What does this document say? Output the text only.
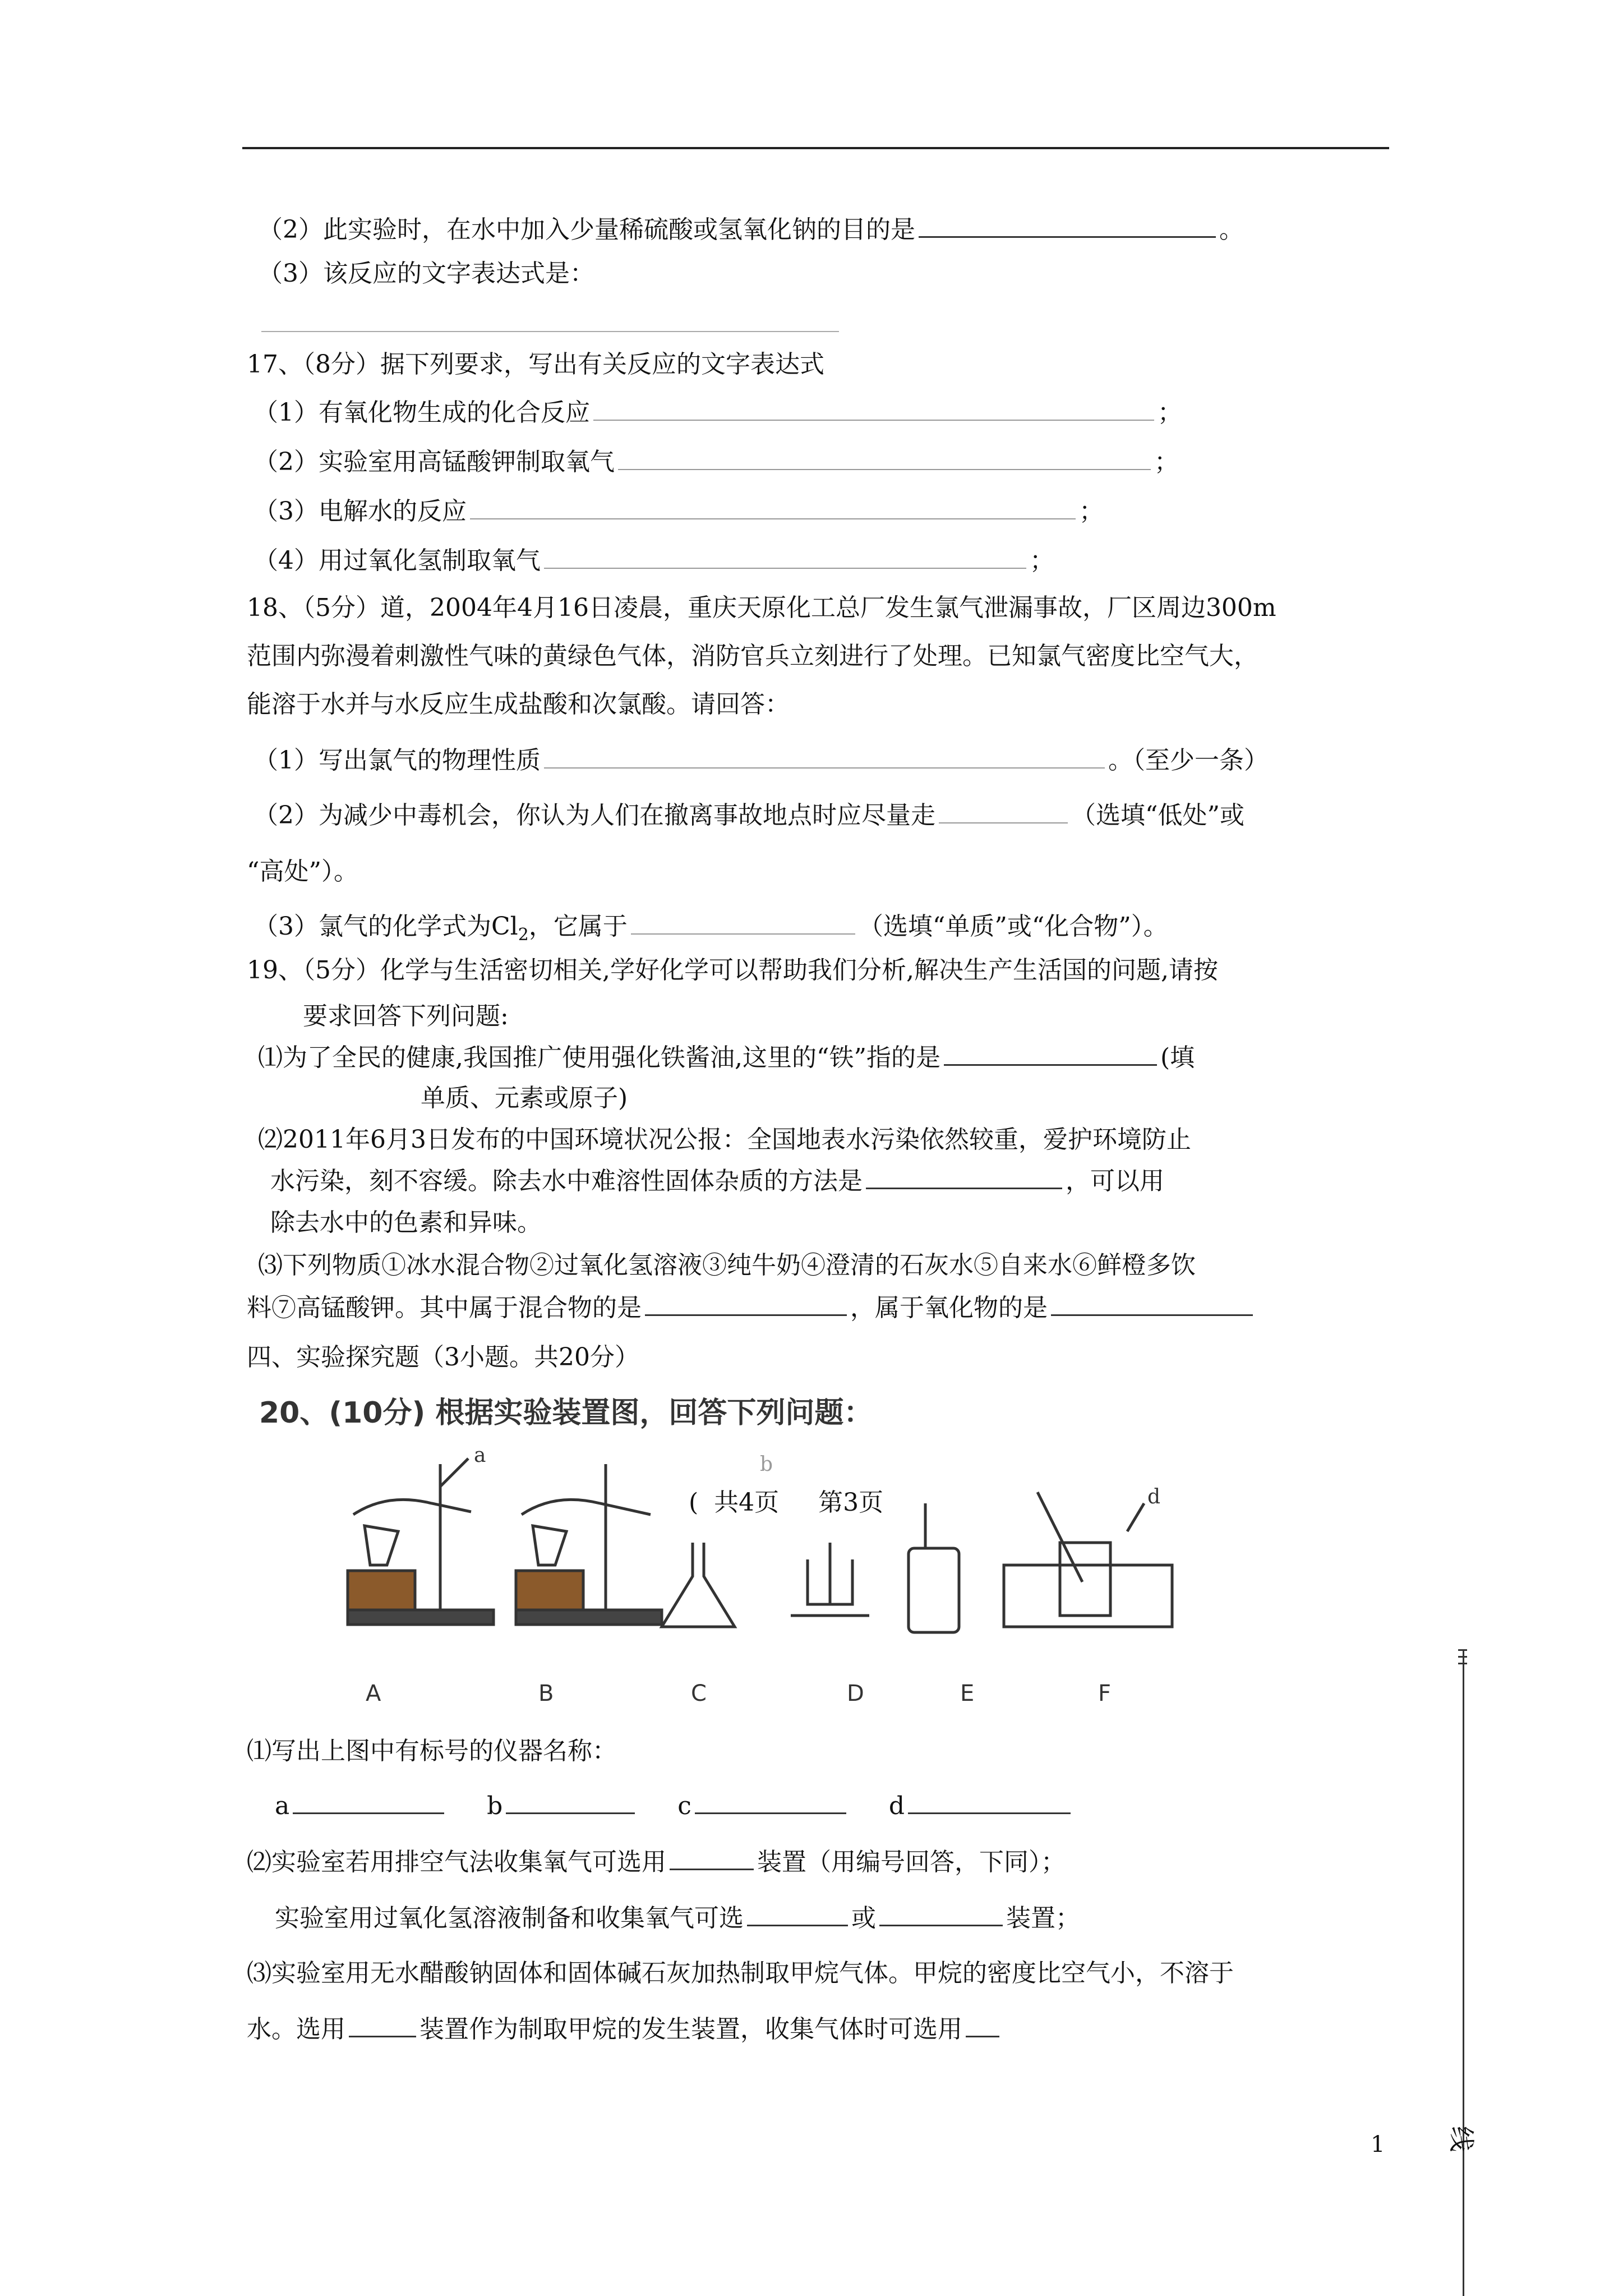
（2）此实验时，在水中加入少量稀硫酸或氢氧化钠的目的是	。
（3）该反应的文字表达式是：
17、（8分）据下列要求，写出有关反应的文字表达式
（1）有氧化物生成的化合反应	；
（2）实验室用高锰酸钾制取氧气	；
（3）电解水的反应	；
（4）用过氧化氢制取氧气	；
18、（5分）道，2004年4月16日凌晨，重庆天原化工总厂发生氯气泄漏事故，厂区周边300m
范围内弥漫着刺激性气味的黄绿色气体，消防官兵立刻进行了处理。已知氯气密度比空气大，
能溶于水并与水反应生成盐酸和次氯酸。请回答：
（1）写出氯气的物理性质	。（至少一条）
（2）为减少中毒机会，你认为人们在撤离事故地点时应尽量走	（选填“低处”或
“高处”）。
（3）氯气的化学式为$Cl_2$，它属于	（选填“单质”或“化合物”）。
19、（5分）化学与生活密切相关,学好化学可以帮助我们分析,解决生产生活国的问题,请按
要求回答下列问题:
⑴为了全民的健康,我国推广使用强化铁酱油,这里的“铁”指的是	(填
单质、元素或原子)
⑵2011年6月3日发布的中国环境状况公报：全国地表水污染依然较重，爱护环境防止
水污染，刻不容缓。除去水中难溶性固体杂质的方法是	，可以用
除去水中的色素和异味。
⑶下列物质①冰水混合物②过氧化氢溶液③纯牛奶④澄清的石灰水⑤自来水⑥鲜橙多饮
料⑦高锰酸钾。其中属于混合物的是	，属于氧化物的是
四、实验探究题（3小题。共20分）
20、(10分) 根据实验装置图，回答下列问题：
a	b
d
( 共4页 第3页
A	B	C	D	E	F
⑴写出上图中有标号的仪器名称：
a	b	c	d
⑵实验室若用排空气法收集氧气可选用	装置（用编号回答，下同）；
实验室用过氧化氢溶液制备和收集氧气可选	或	装置；
⑶实验室用无水醋酸钠固体和固体碱石灰加热制取甲烷气体。甲烷的密度比空气小，不溶于
水。选用	装置作为制取甲烷的发生装置，收集气体时可选用
1 线
